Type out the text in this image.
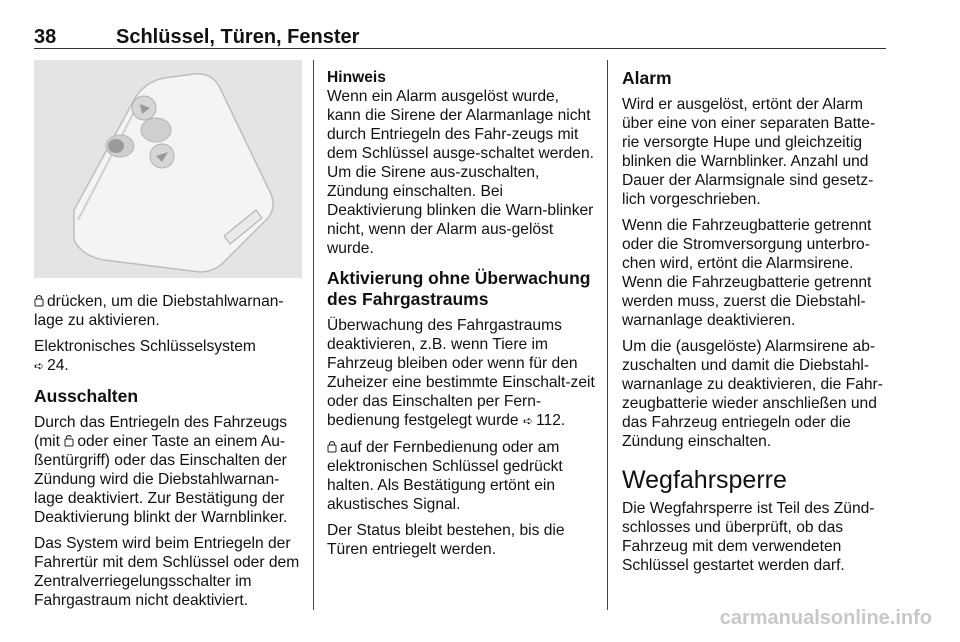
38	Schlüssel, Türen, Fenster

drücken, um die Diebstahlwarnan-lage zu aktivieren.

Elektronisches Schlüsselsystem
➪ 24.

Ausschalten

Durch das Entriegeln des Fahrzeugs (mit oder einer Taste an einem Au-ßentürgriff) oder das Einschalten der Zündung wird die Diebstahlwarnan-lage deaktiviert. Zur Bestätigung der Deaktivierung blinkt der Warnblinker.

Das System wird beim Entriegeln der Fahrertür mit dem Schlüssel oder dem Zentralverriegelungsschalter im Fahrgastraum nicht deaktiviert.

Hinweis

Wenn ein Alarm ausgelöst wurde, kann die Sirene der Alarmanlage nicht durch Entriegeln des Fahr-zeugs mit dem Schlüssel ausge-schaltet werden. Um die Sirene aus-zuschalten, Zündung einschalten. Bei Deaktivierung blinken die Warn-blinker nicht, wenn der Alarm aus-gelöst wurde.

Aktivierung ohne Überwachung des Fahrgastraums

Überwachung des Fahrgastraums deaktivieren, z.B. wenn Tiere im Fahrzeug bleiben oder wenn für den Zuheizer eine bestimmte Einschalt-zeit oder das Einschalten per Fern-bedienung festgelegt wurde ➪ 112.

auf der Fernbedienung oder am elektronischen Schlüssel gedrückt halten. Als Bestätigung ertönt ein akustisches Signal.

Der Status bleibt bestehen, bis die Türen entriegelt werden.

Alarm

Wird er ausgelöst, ertönt der Alarm über eine von einer separaten Batte-rie versorgte Hupe und gleichzeitig blinken die Warnblinker. Anzahl und Dauer der Alarmsignale sind gesetz-lich vorgeschrieben.

Wenn die Fahrzeugbatterie getrennt oder die Stromversorgung unterbro-chen wird, ertönt die Alarmsirene. Wenn die Fahrzeugbatterie getrennt werden muss, zuerst die Diebstahl-warnanlage deaktivieren.

Um die (ausgelöste) Alarmsirene ab-zuschalten und damit die Diebstahl-warnanlage zu deaktivieren, die Fahr-zeugbatterie wieder anschließen und das Fahrzeug entriegeln oder die Zündung einschalten.

Wegfahrsperre

Die Wegfahrsperre ist Teil des Zünd-schlosses und überprüft, ob das Fahrzeug mit dem verwendeten Schlüssel gestartet werden darf.

carmanualsonline.info
